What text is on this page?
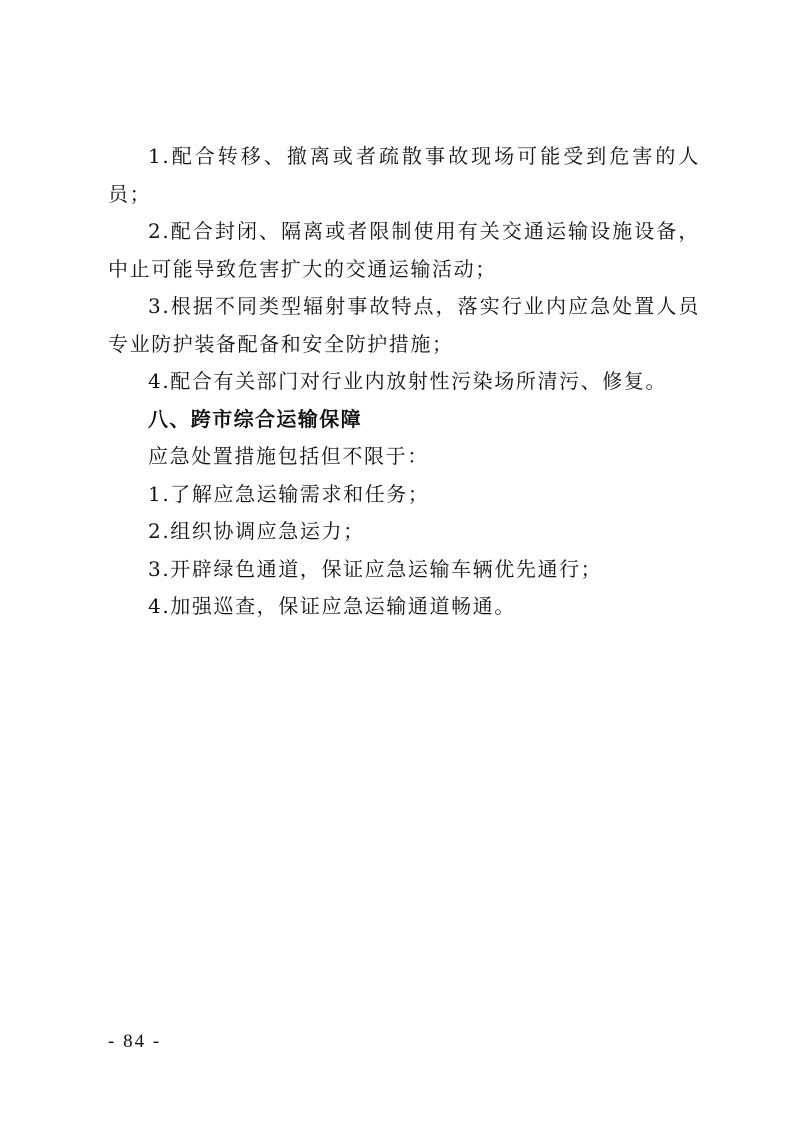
1.配合转移、撤离或者疏散事故现场可能受到危害的人员；

2.配合封闭、隔离或者限制使用有关交通运输设施设备，中止可能导致危害扩大的交通运输活动；

3.根据不同类型辐射事故特点，落实行业内应急处置人员专业防护装备配备和安全防护措施；

4.配合有关部门对行业内放射性污染场所清污、修复。

八、跨市综合运输保障

应急处置措施包括但不限于：

1.了解应急运输需求和任务；

2.组织协调应急运力；

3.开辟绿色通道，保证应急运输车辆优先通行；

4.加强巡查，保证应急运输通道畅通。

- 84 -
